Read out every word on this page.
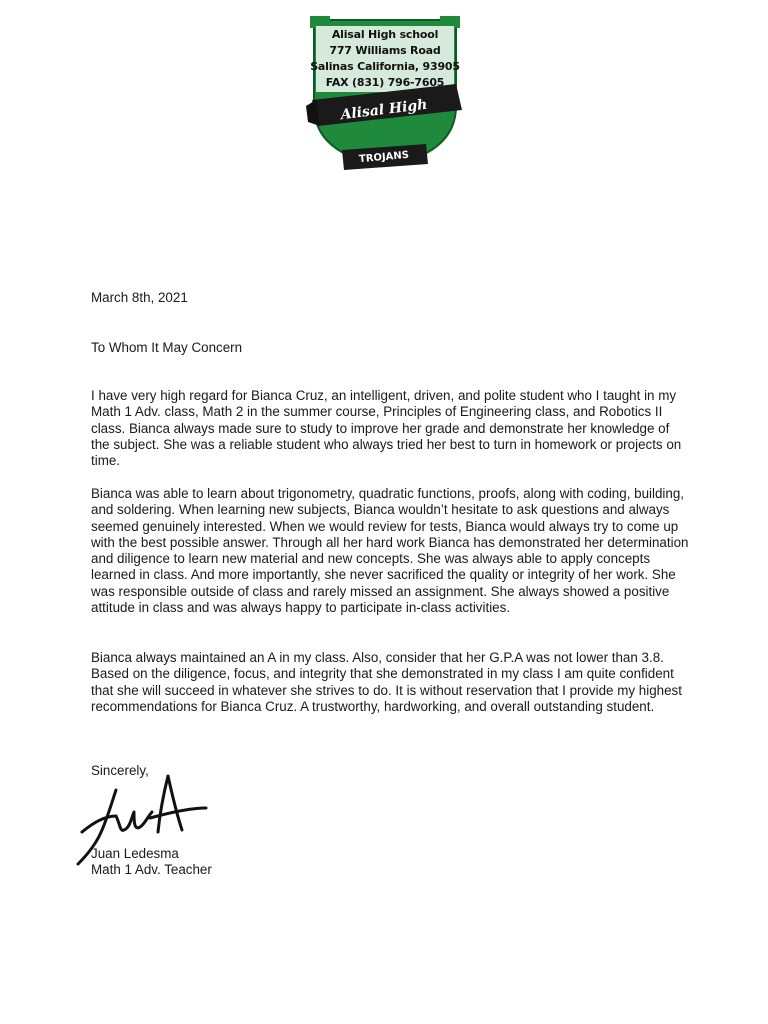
Alisal High school
777 Williams Road
Salinas California, 93905
FAX (831) 796-7605
Alisal High
TROJANS
March 8th, 2021
To Whom It May Concern

I have very high regard for Bianca Cruz, an intelligent, driven, and polite student who I taught in my Math 1 Adv. class, Math 2 in the summer course, Principles of Engineering class, and Robotics II class. Bianca always made sure to study to improve her grade and demonstrate her knowledge of the subject. She was a reliable student who always tried her best to turn in homework or projects on time.

Bianca was able to learn about trigonometry, quadratic functions, proofs, along with coding, building, and soldering. When learning new subjects, Bianca wouldn’t hesitate to ask questions and always seemed genuinely interested. When we would review for tests, Bianca would always try to come up with the best possible answer. Through all her hard work Bianca has demonstrated her determination and diligence to learn new material and new concepts. She was always able to apply concepts learned in class. And more importantly, she never sacrificed the quality or integrity of her work. She was responsible outside of class and rarely missed an assignment. She always showed a positive attitude in class and was always happy to participate in-class activities.

Bianca always maintained an A in my class. Also, consider that her G.P.A was not lower than 3.8. Based on the diligence, focus, and integrity that she demonstrated in my class I am quite confident that she will succeed in whatever she strives to do. It is without reservation that I provide my highest recommendations for Bianca Cruz. A trustworthy, hardworking, and overall outstanding student.

Sincerely,
Juan Ledesma
Math 1 Adv. Teacher
